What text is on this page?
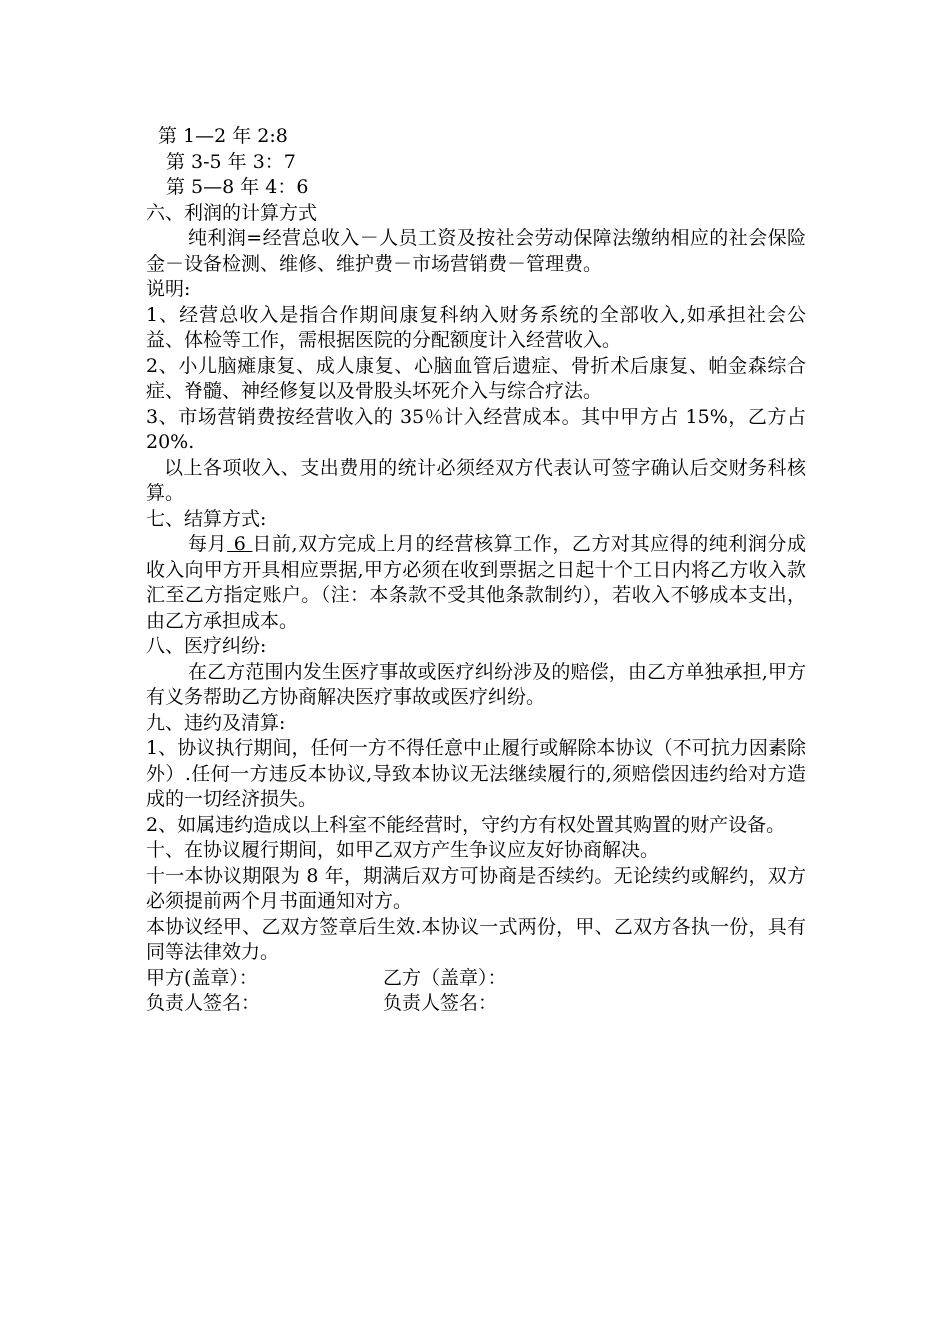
第 1—2 年 2:8
第 3-5 年 3：7
第 5—8 年 4：6
六、利润的计算方式
纯利润=经营总收入－人员工资及按社会劳动保障法缴纳相应的社会保险金－设备检测、维修、维护费－市场营销费－管理费。
说明:
1、经营总收入是指合作期间康复科纳入财务系统的全部收入,如承担社会公益、体检等工作，需根据医院的分配额度计入经营收入。
2、小儿脑瘫康复、成人康复、心脑血管后遗症、骨折术后康复、帕金森综合症、脊髓、神经修复以及骨股头坏死介入与综合疗法。
3、市场营销费按经营收入的 35％计入经营成本。其中甲方占 15%，乙方占 20%.
以上各项收入、支出费用的统计必须经双方代表认可签字确认后交财务科核算。
七、结算方式:
每月 6 日前,双方完成上月的经营核算工作，乙方对其应得的纯利润分成收入向甲方开具相应票据,甲方必须在收到票据之日起十个工日内将乙方收入款汇至乙方指定账户。（注：本条款不受其他条款制约），若收入不够成本支出，由乙方承担成本。
八、医疗纠纷:
在乙方范围内发生医疗事故或医疗纠纷涉及的赔偿，由乙方单独承担,甲方有义务帮助乙方协商解决医疗事故或医疗纠纷。
九、违约及清算:
1、协议执行期间，任何一方不得任意中止履行或解除本协议（不可抗力因素除外）.任何一方违反本协议,导致本协议无法继续履行的,须赔偿因违约给对方造成的一切经济损失。
2、如属违约造成以上科室不能经营时，守约方有权处置其购置的财产设备。
十、在协议履行期间，如甲乙双方产生争议应友好协商解决。
十一本协议期限为 8 年，期满后双方可协商是否续约。无论续约或解约，双方必须提前两个月书面通知对方。
本协议经甲、乙双方签章后生效.本协议一式两份，甲、乙双方各执一份，具有同等法律效力。
甲方(盖章）：	乙方（盖章）：
负责人签名：	负责人签名：
